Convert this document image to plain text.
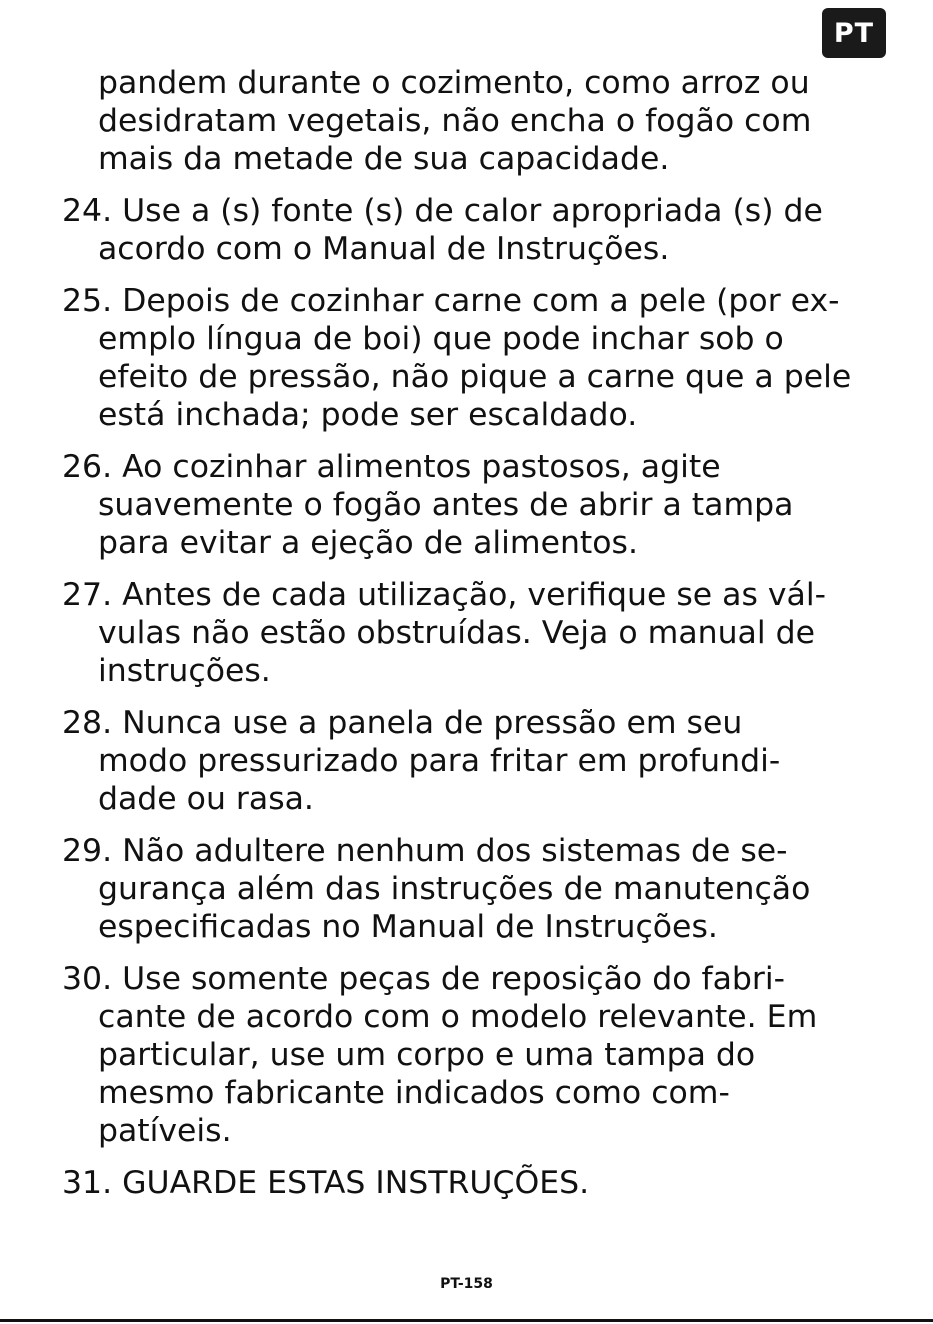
PT

pandem durante o cozimento, como arroz ou
desidratam vegetais, não encha o fogão com
mais da metade de sua capacidade.

24. Use a (s) fonte (s) de calor apropriada (s) de
acordo com o Manual de Instruções.

25. Depois de cozinhar carne com a pele (por ex-
emplo língua de boi) que pode inchar sob o
efeito de pressão, não pique a carne que a pele
está inchada; pode ser escaldado.

26. Ao cozinhar alimentos pastosos, agite
suavemente o fogão antes de abrir a tampa
para evitar a ejeção de alimentos.

27. Antes de cada utilização, verifique se as vál-
vulas não estão obstruídas. Veja o manual de
instruções.

28. Nunca use a panela de pressão em seu
modo pressurizado para fritar em profundi-
dade ou rasa.

29. Não adultere nenhum dos sistemas de se-
gurança além das instruções de manutenção
especificadas no Manual de Instruções.

30. Use somente peças de reposição do fabri-
cante de acordo com o modelo relevante. Em
particular, use um corpo e uma tampa do
mesmo fabricante indicados como com-
patíveis.

31. GUARDE ESTAS INSTRUÇÕES.

PT-158
